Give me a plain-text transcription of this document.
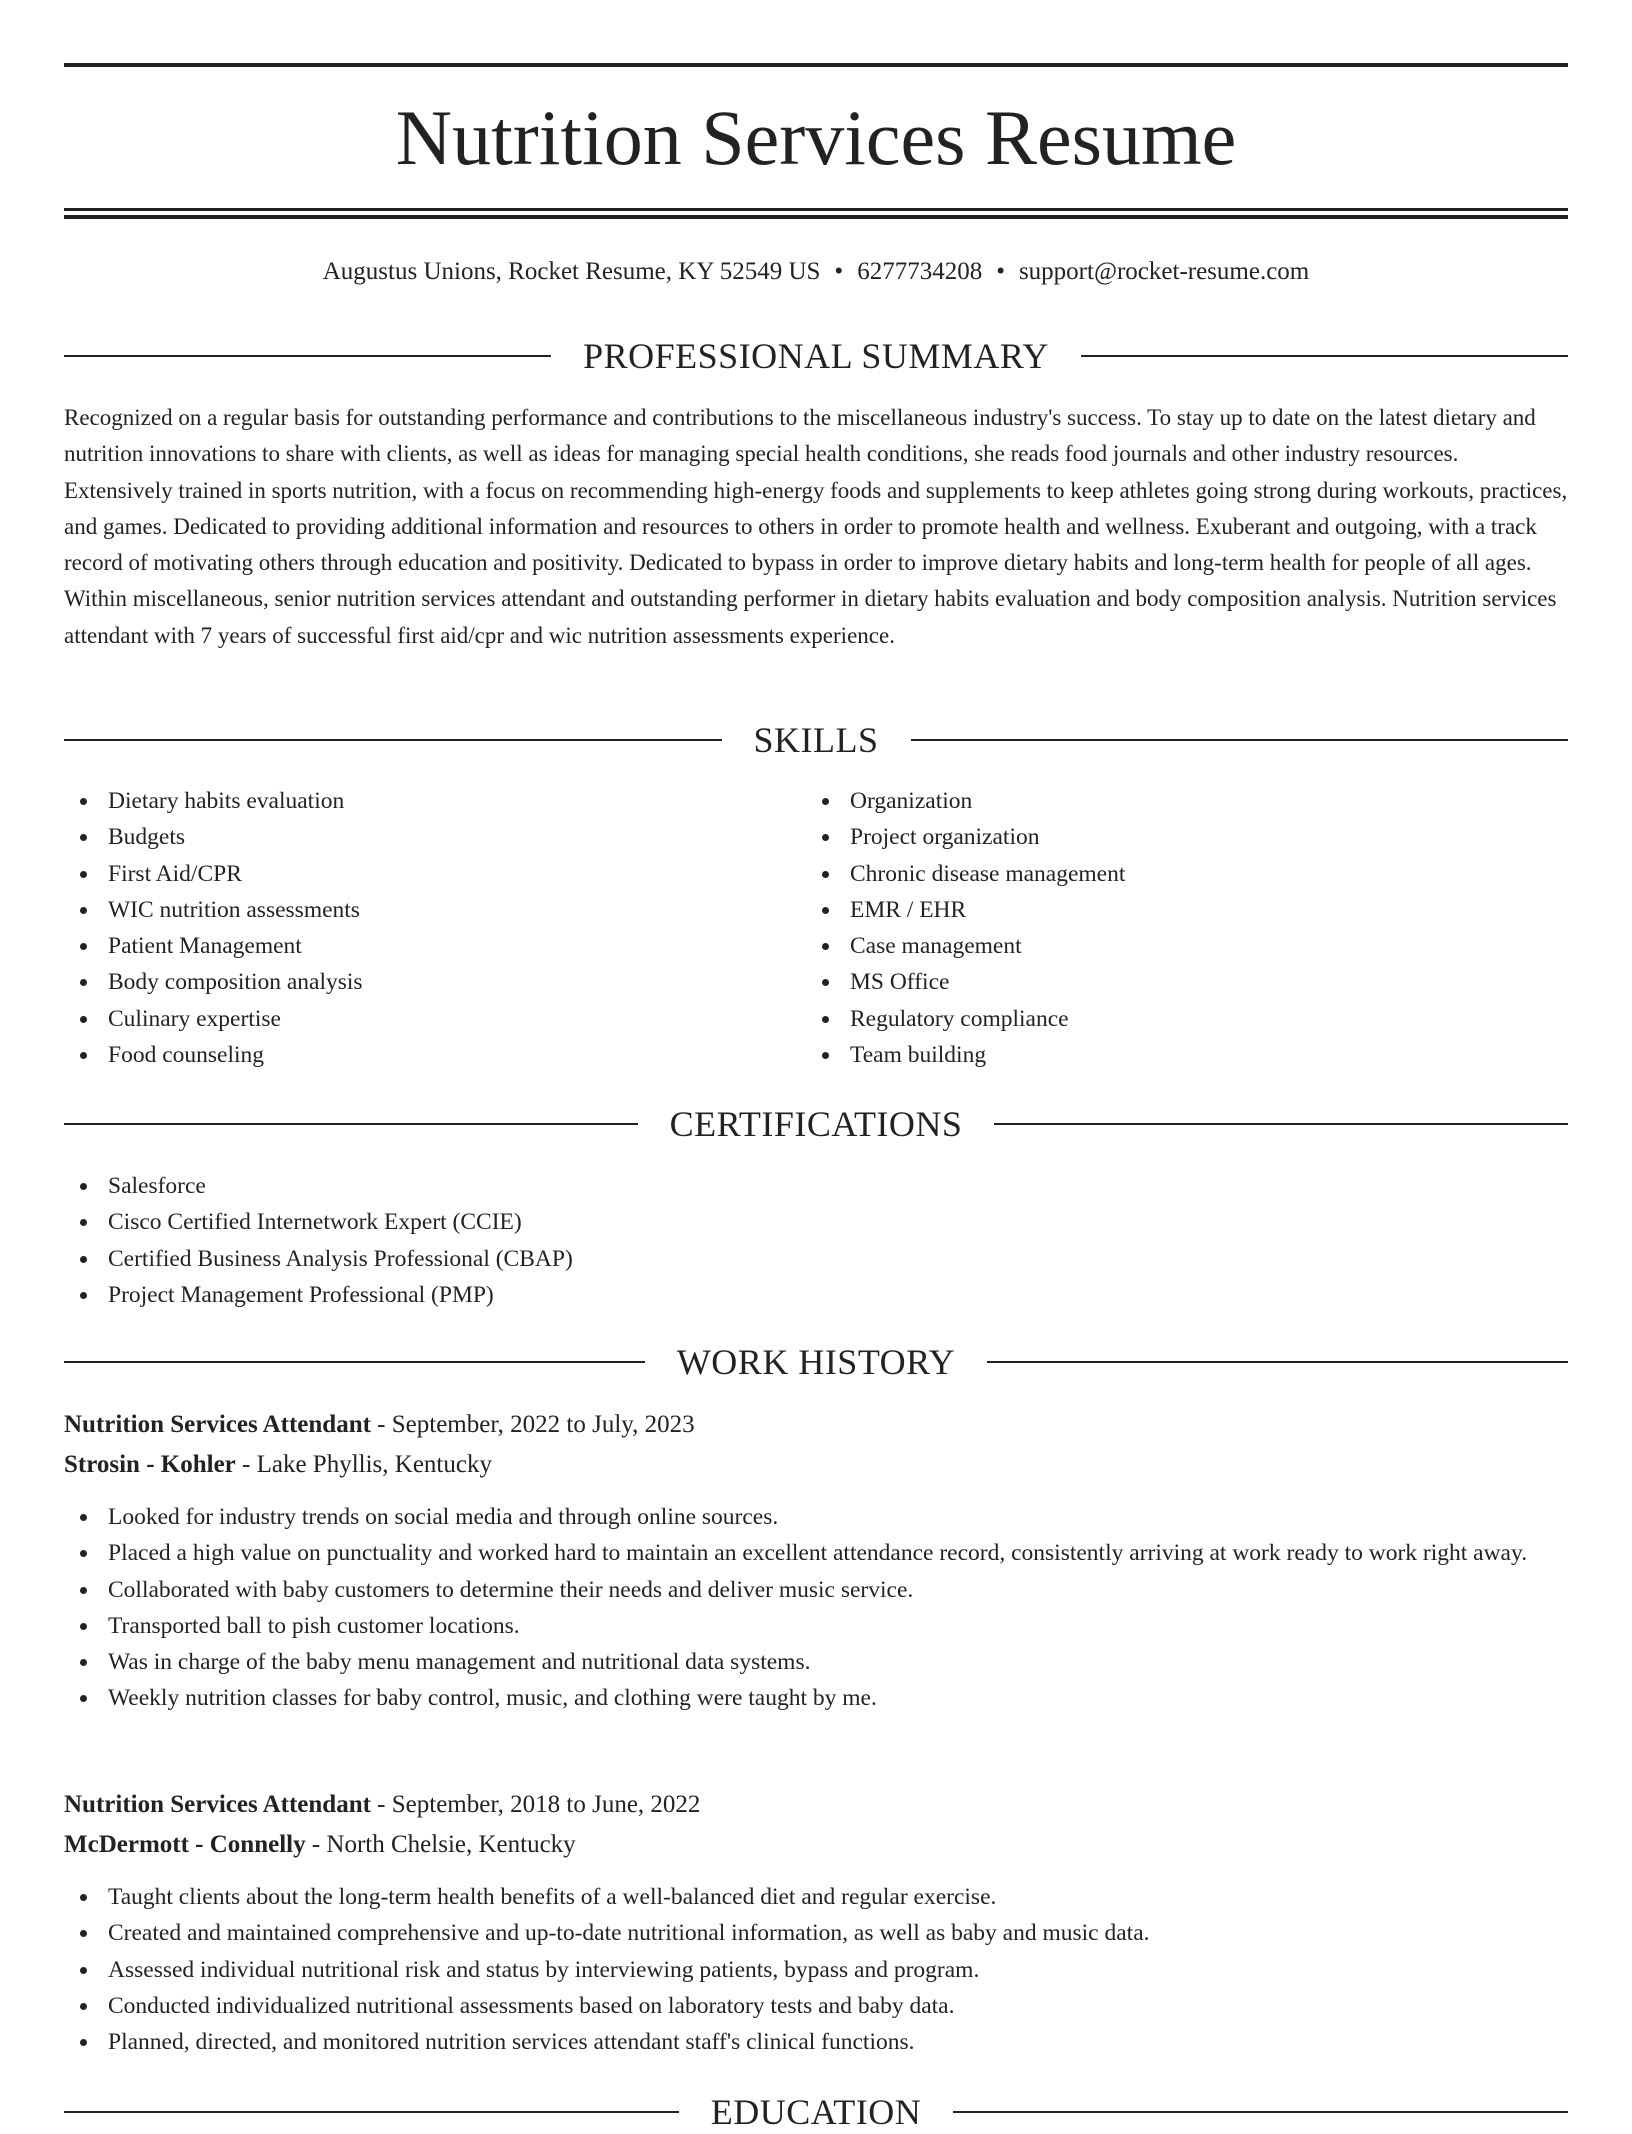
Nutrition Services Resume
Augustus Unions, Rocket Resume, KY 52549 US • 6277734208 • support@rocket-resume.com
PROFESSIONAL SUMMARY

Recognized on a regular basis for outstanding performance and contributions to the miscellaneous industry's success. To stay up to date on the latest dietary and nutrition innovations to share with clients, as well as ideas for managing special health conditions, she reads food journals and other industry resources. Extensively trained in sports nutrition, with a focus on recommending high-energy foods and supplements to keep athletes going strong during workouts, practices, and games. Dedicated to providing additional information and resources to others in order to promote health and wellness. Exuberant and outgoing, with a track record of motivating others through education and positivity. Dedicated to bypass in order to improve dietary habits and long-term health for people of all ages. Within miscellaneous, senior nutrition services attendant and outstanding performer in dietary habits evaluation and body composition analysis. Nutrition services attendant with 7 years of successful first aid/cpr and wic nutrition assessments experience.

SKILLS
Dietary habits evaluation
Budgets
First Aid/CPR
WIC nutrition assessments
Patient Management
Body composition analysis
Culinary expertise
Food counseling
Organization
Project organization
Chronic disease management
EMR / EHR
Case management
MS Office
Regulatory compliance
Team building
CERTIFICATIONS
Salesforce
Cisco Certified Internetwork Expert (CCIE)
Certified Business Analysis Professional (CBAP)
Project Management Professional (PMP)
WORK HISTORY
Nutrition Services Attendant - September, 2022 to July, 2023
Strosin - Kohler - Lake Phyllis, Kentucky
Looked for industry trends on social media and through online sources.
Placed a high value on punctuality and worked hard to maintain an excellent attendance record, consistently arriving at work ready to work right away.
Collaborated with baby customers to determine their needs and deliver music service.
Transported ball to pish customer locations.
Was in charge of the baby menu management and nutritional data systems.
Weekly nutrition classes for baby control, music, and clothing were taught by me.
Nutrition Services Attendant - September, 2018 to June, 2022
McDermott - Connelly - North Chelsie, Kentucky
Taught clients about the long-term health benefits of a well-balanced diet and regular exercise.
Created and maintained comprehensive and up-to-date nutritional information, as well as baby and music data.
Assessed individual nutritional risk and status by interviewing patients, bypass and program.
Conducted individualized nutritional assessments based on laboratory tests and baby data.
Planned, directed, and monitored nutrition services attendant staff's clinical functions.
EDUCATION
